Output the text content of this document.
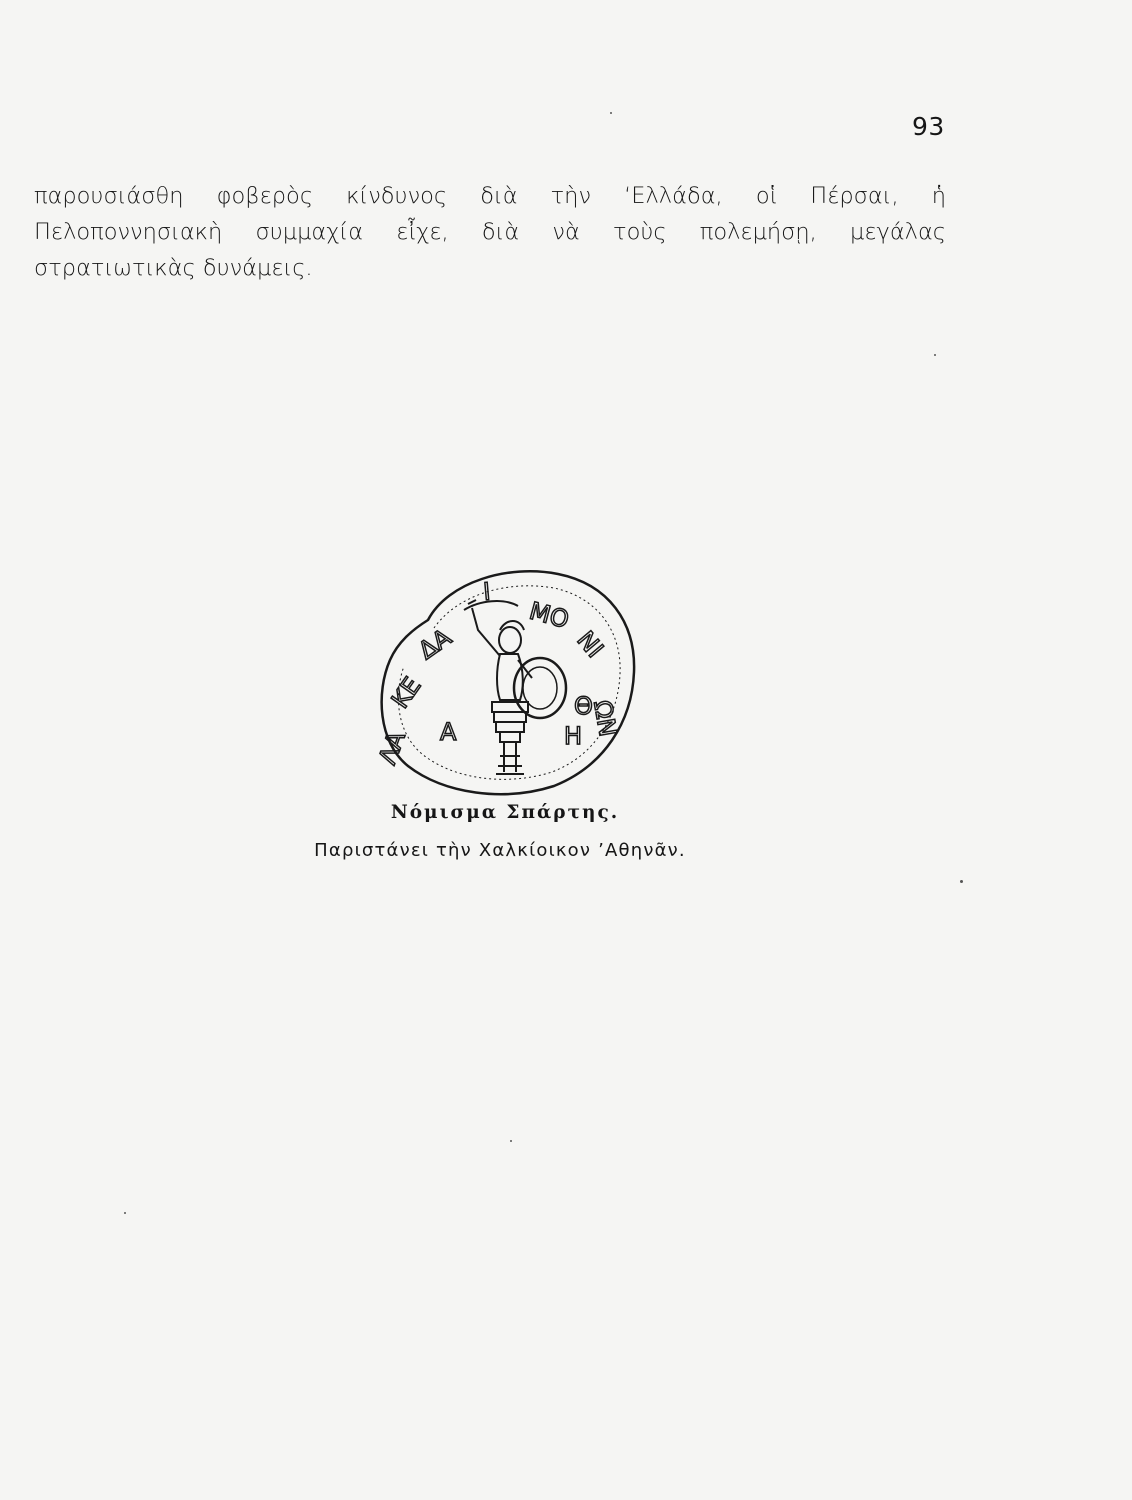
93
παρουσιάσθη φοβερὸς κίνδυνος διὰ τὴν ‘Ελλάδα, οἱ Πέρσαι, ἡ
Πελοποννησιακὴ συμμαχία εἶχε, διὰ νὰ τοὺς πολεμήσῃ, μεγάλας
στρατιωτικὰς δυνάμεις.
ΛΑ
ΚΕ
ΔΑ
Ι
ΜΟ
ΝΙ
ΩΝ
Α	Η
Θ
Νόμισμα Σπάρτης.
Παριστάνει τὴν Χαλκίοικον ’Αθηνᾶν.
